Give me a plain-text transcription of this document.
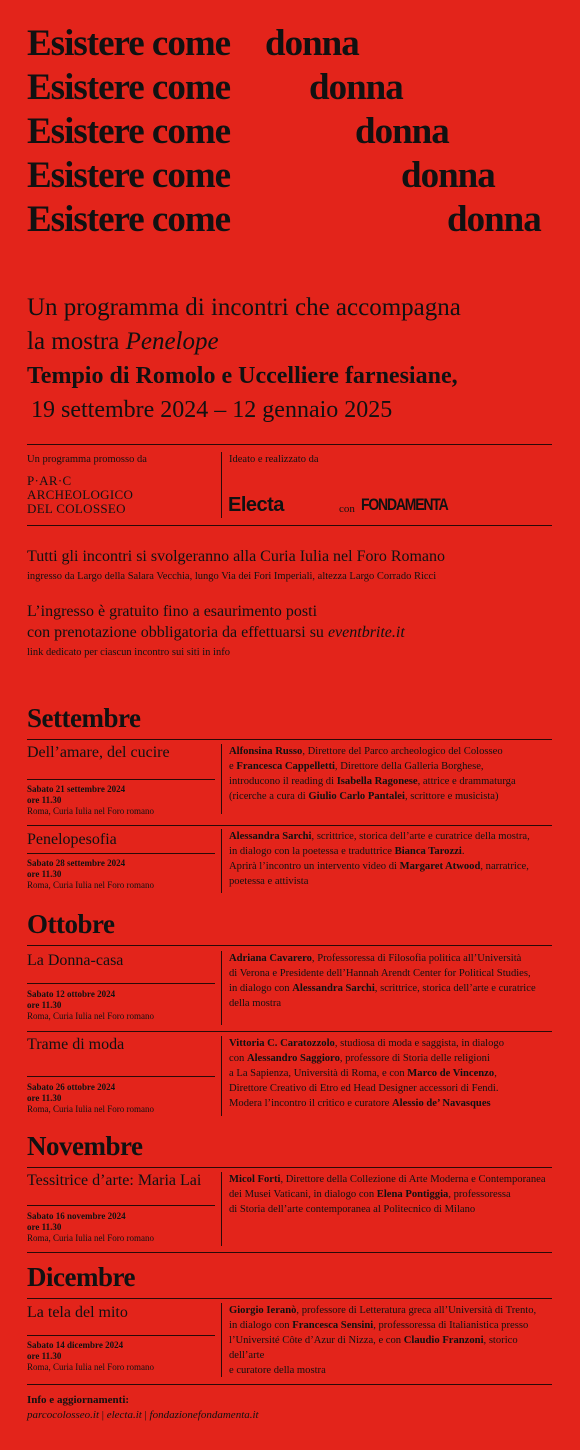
Esistere come donna
Esistere come donna
Esistere come	donna
Esistere come	donna
Esistere come	donna
Un programma di incontri che accompagna
la mostra Penelope
Tempio di Romolo e Uccelliere farnesiane,
19 settembre 2024 – 12 gennaio 2025
Un programma promosso da
P·AR·C
ARCHEOLOGICO
DEL COLOSSEO
Ideato e realizzato da
Electa	con FONDAMENTA
Tutti gli incontri si svolgeranno alla Curia Iulia nel Foro Romano
ingresso da Largo della Salara Vecchia, lungo Via dei Fori Imperiali, altezza Largo Corrado Ricci
L’ingresso è gratuito fino a esaurimento posti
con prenotazione obbligatoria da effettuarsi su eventbrite.it
link dedicato per ciascun incontro sui siti in info
Settembre
Dell’amare, del cucire
Sabato 21 settembre 2024
ore 11.30
Roma, Curia Iulia nel Foro romano
Alfonsina Russo, Direttore del Parco archeologico del Colosseo
e Francesca Cappelletti, Direttore della Galleria Borghese,
introducono il reading di Isabella Ragonese, attrice e drammaturga
(ricerche a cura di Giulio Carlo Pantalei, scrittore e musicista)
Penelopesofia
Sabato 28 settembre 2024
ore 11.30
Roma, Curia Iulia nel Foro romano
Alessandra Sarchi, scrittrice, storica dell’arte e curatrice della mostra,
in dialogo con la poetessa e traduttrice Bianca Tarozzi.
Aprirà l’incontro un intervento video di Margaret Atwood, narratrice,
poetessa e attivista
Ottobre
La Donna-casa
Sabato 12 ottobre 2024
ore 11.30
Roma, Curia Iulia nel Foro romano
Adriana Cavarero, Professoressa di Filosofia politica all’Università
di Verona e Presidente dell’Hannah Arendt Center for Political Studies,
in dialogo con Alessandra Sarchi, scrittrice, storica dell’arte e curatrice
della mostra
Trame di moda
Sabato 26 ottobre 2024
ore 11.30
Roma, Curia Iulia nel Foro romano
Vittoria C. Caratozzolo, studiosa di moda e saggista, in dialogo
con Alessandro Saggioro, professore di Storia delle religioni
a La Sapienza, Università di Roma, e con Marco de Vincenzo,
Direttore Creativo di Etro ed Head Designer accessori di Fendi.
Modera l’incontro il critico e curatore Alessio de’ Navasques
Novembre
Tessitrice d’arte: Maria Lai
Sabato 16 novembre 2024
ore 11.30
Roma, Curia Iulia nel Foro romano
Micol Forti, Direttore della Collezione di Arte Moderna e Contemporanea
dei Musei Vaticani, in dialogo con Elena Pontiggia, professoressa
di Storia dell’arte contemporanea al Politecnico di Milano
Dicembre
La tela del mito
Sabato 14 dicembre 2024
ore 11.30
Roma, Curia Iulia nel Foro romano
Giorgio Ieranò, professore di Letteratura greca all’Università di Trento,
in dialogo con Francesca Sensini, professoressa di Italianistica presso
l’Université Côte d’Azur di Nizza, e con Claudio Franzoni, storico dell’arte
e curatore della mostra
Info e aggiornamenti:
parcocolosseo.it | electa.it | fondazionefondamenta.it
